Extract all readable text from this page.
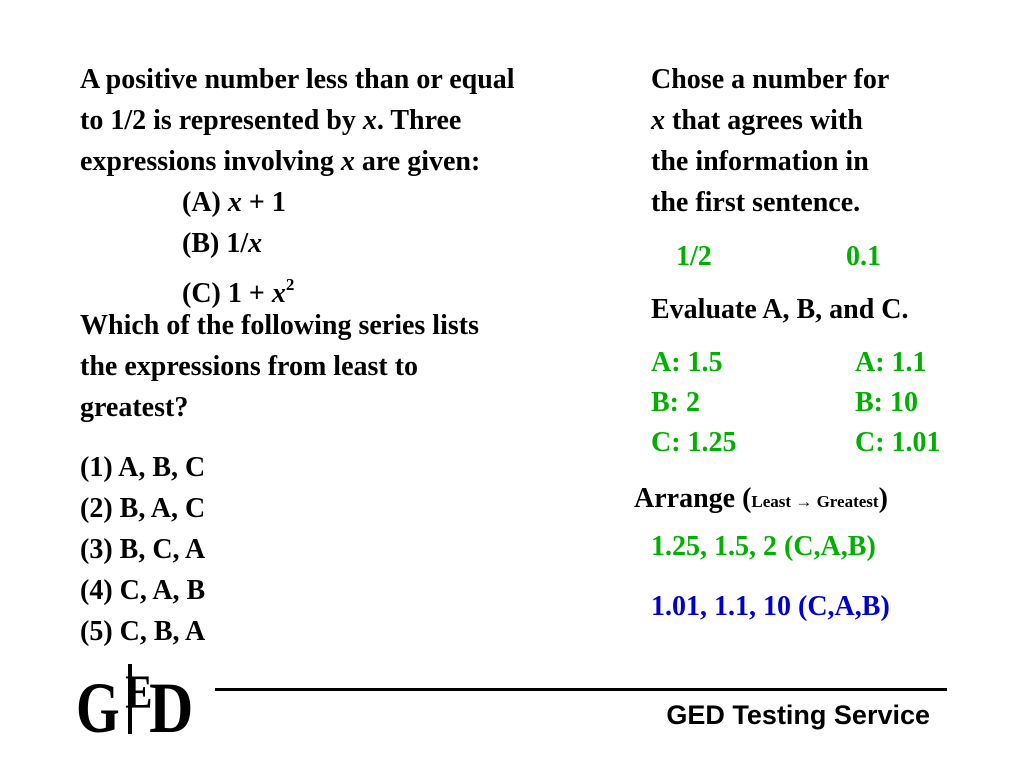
A positive number less than or equal
to 1/2 is represented by x. Three
expressions involving x are given:
(A) x + 1
(B) 1/x
(C) $1 + x^2$
Which of the following series lists
the expressions from least to
greatest?
(1) A, B, C
(2) B, A, C
(3) B, C, A
(4) C, A, B
(5) C, B, A
Chose a number for
x that agrees with
the information in
the first sentence.
1/2	0.1
Evaluate A, B, and C.
A: 1.5
B: 2
C: 1.25
A: 1.1
B: 10
C: 1.01
Arrange (Least → Greatest)
1.25, 1.5, 2 (C,A,B)
1.01, 1.1, 10 (C,A,B)
G E
D	GED Testing Service
